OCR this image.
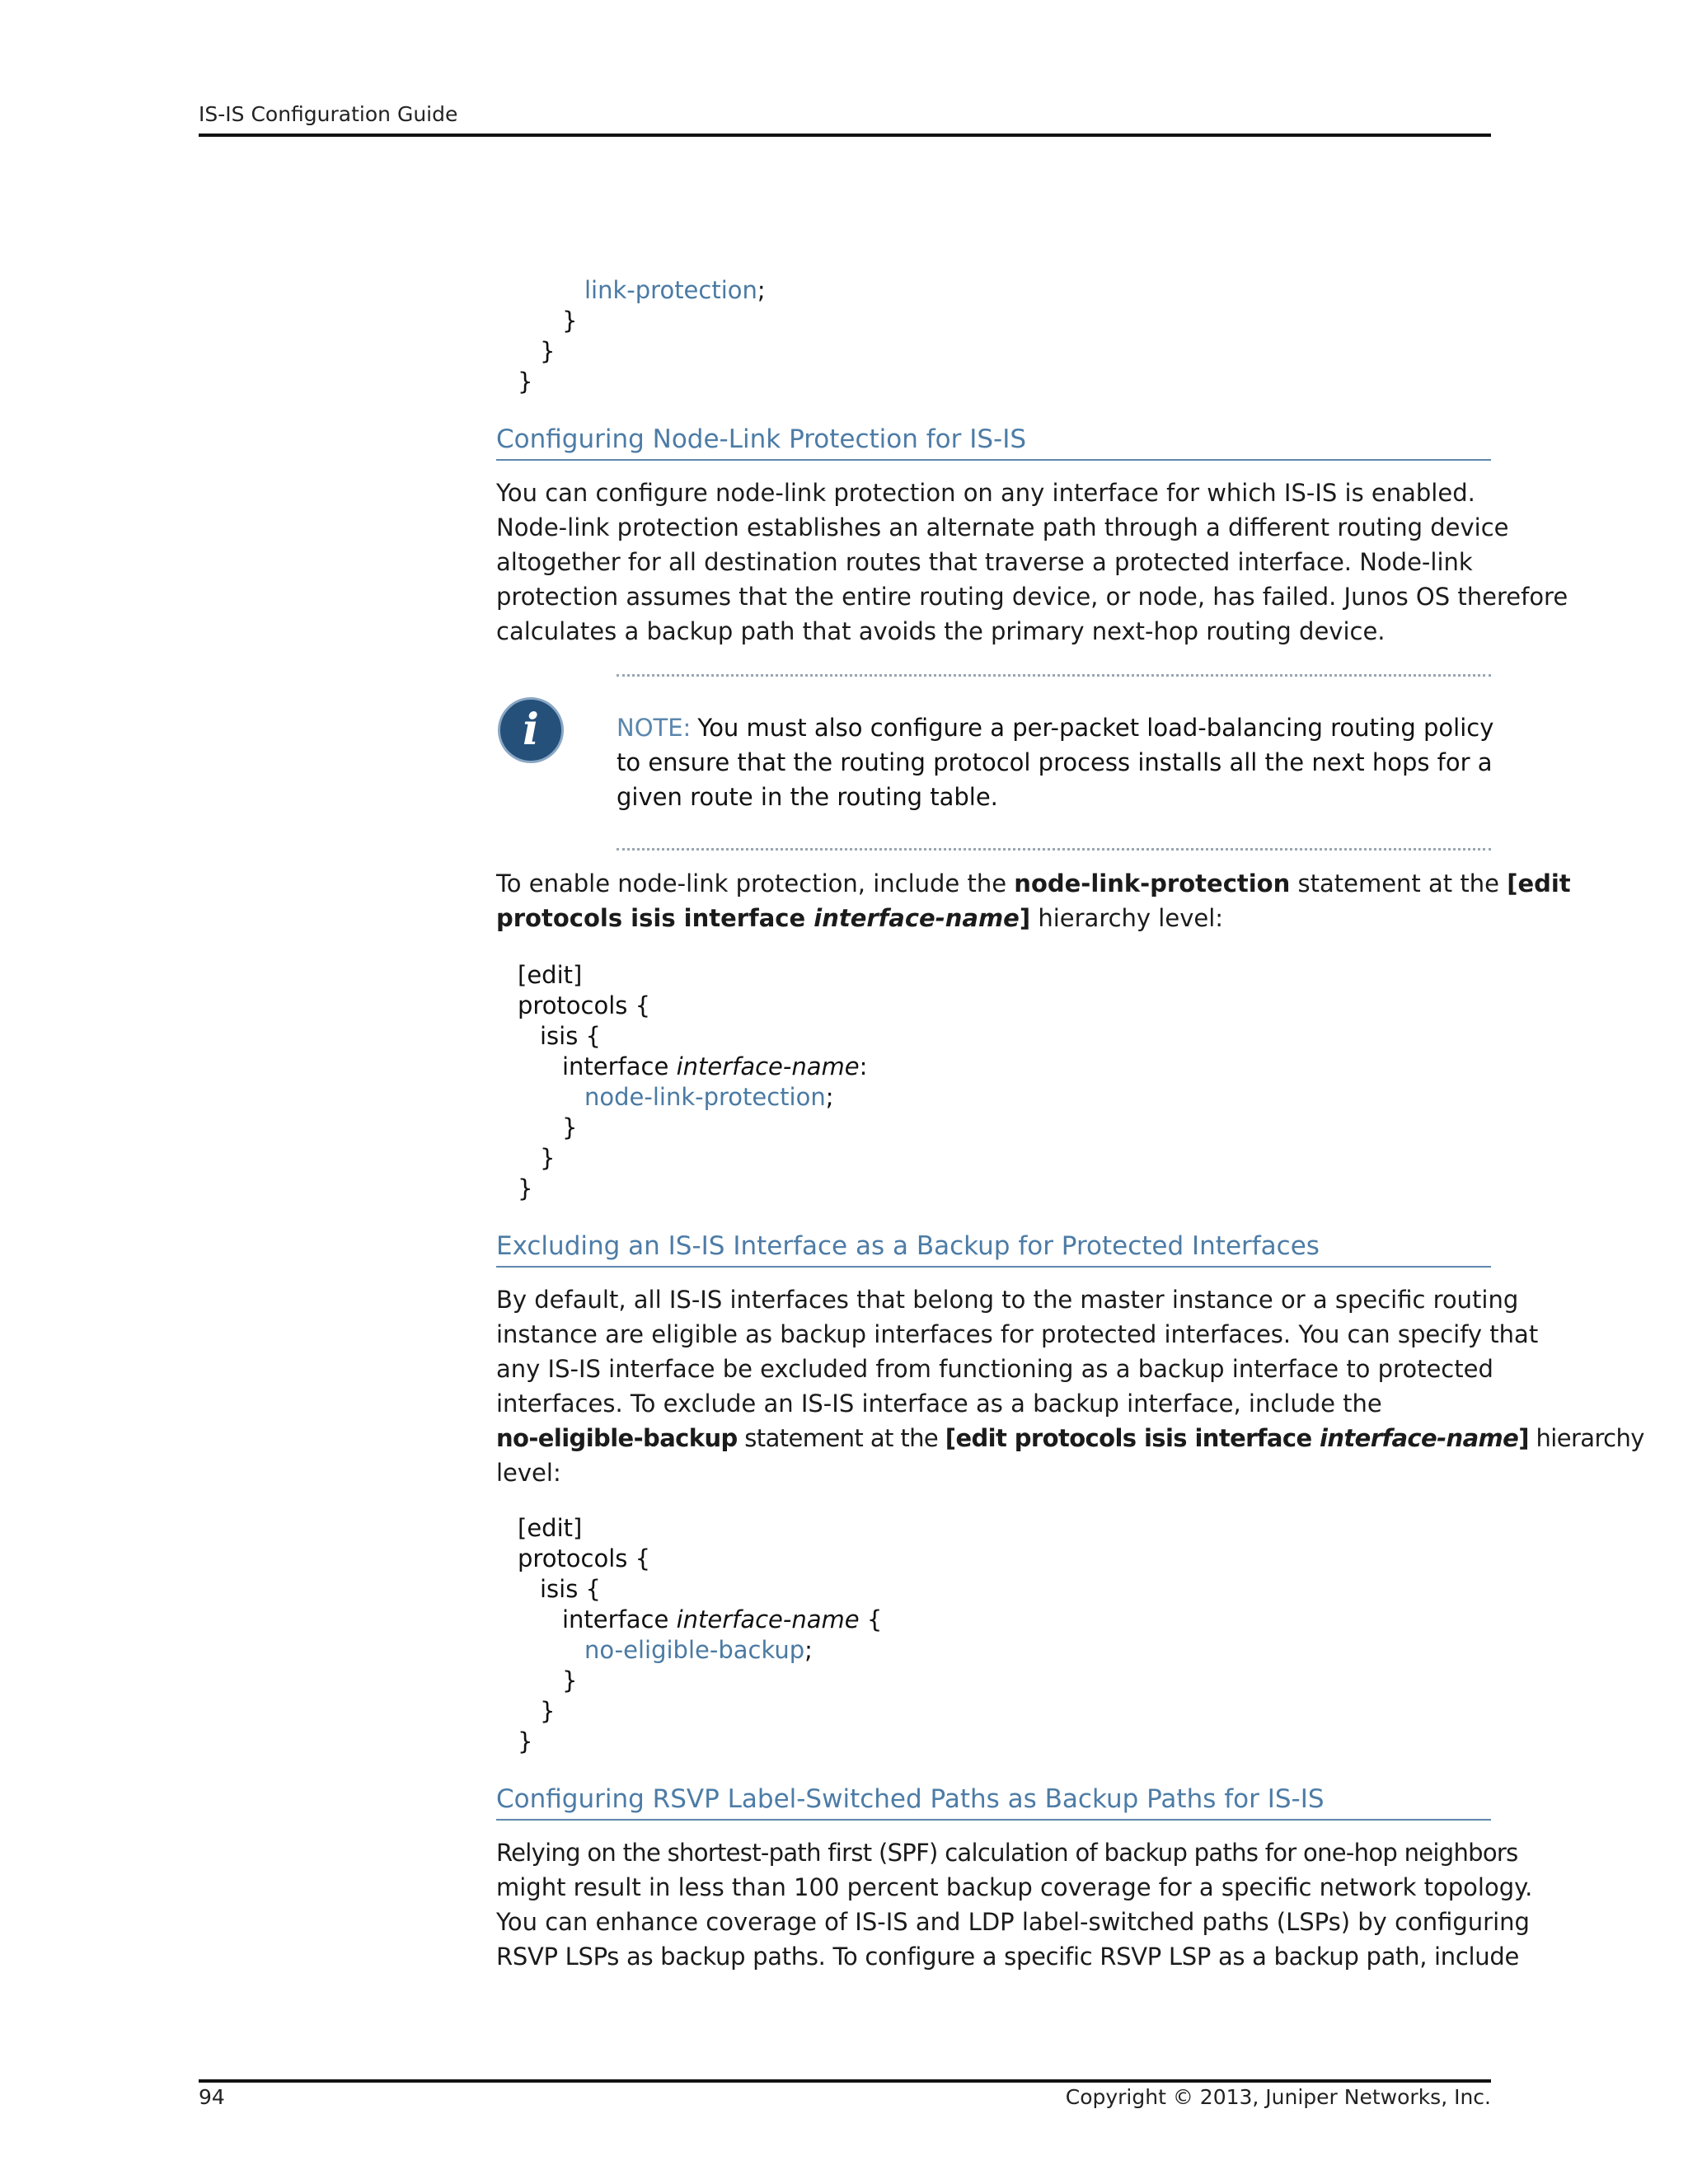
IS-IS Configuration Guide

link-protection;

}

}

}

Configuring Node-Link Protection for IS-IS
You can configure node-link protection on any interface for which IS-IS is enabled.
Node-link protection establishes an alternate path through a different routing device
altogether for all destination routes that traverse a protected interface. Node-link
protection assumes that the entire routing device, or node, has failed. Junos OS therefore
calculates a backup path that avoids the primary next-hop routing device.
i	NOTE: You must also configure a per-packet load-balancing routing policy
to ensure that the routing protocol process installs all the next hops for a
given route in the routing table.
To enable node-link protection, include the node-link-protection statement at the [edit
protocols isis interface interface-name] hierarchy level:

[edit]

protocols {

isis {

interface interface-name:

node-link-protection;

}

}

}

Excluding an IS-IS Interface as a Backup for Protected Interfaces
By default, all IS-IS interfaces that belong to the master instance or a specific routing
instance are eligible as backup interfaces for protected interfaces. You can specify that
any IS-IS interface be excluded from functioning as a backup interface to protected
interfaces. To exclude an IS-IS interface as a backup interface, include the
no-eligible-backup statement at the [edit protocols isis interface interface-name] hierarchy
level:

[edit]

protocols {

isis {

interface interface-name {

no-eligible-backup;

}

}

}

Configuring RSVP Label-Switched Paths as Backup Paths for IS-IS
Relying on the shortest-path first (SPF) calculation of backup paths for one-hop neighbors
might result in less than 100 percent backup coverage for a specific network topology.
You can enhance coverage of IS-IS and LDP label-switched paths (LSPs) by configuring
RSVP LSPs as backup paths. To configure a specific RSVP LSP as a backup path, include
94	Copyright © 2013, Juniper Networks, Inc.
